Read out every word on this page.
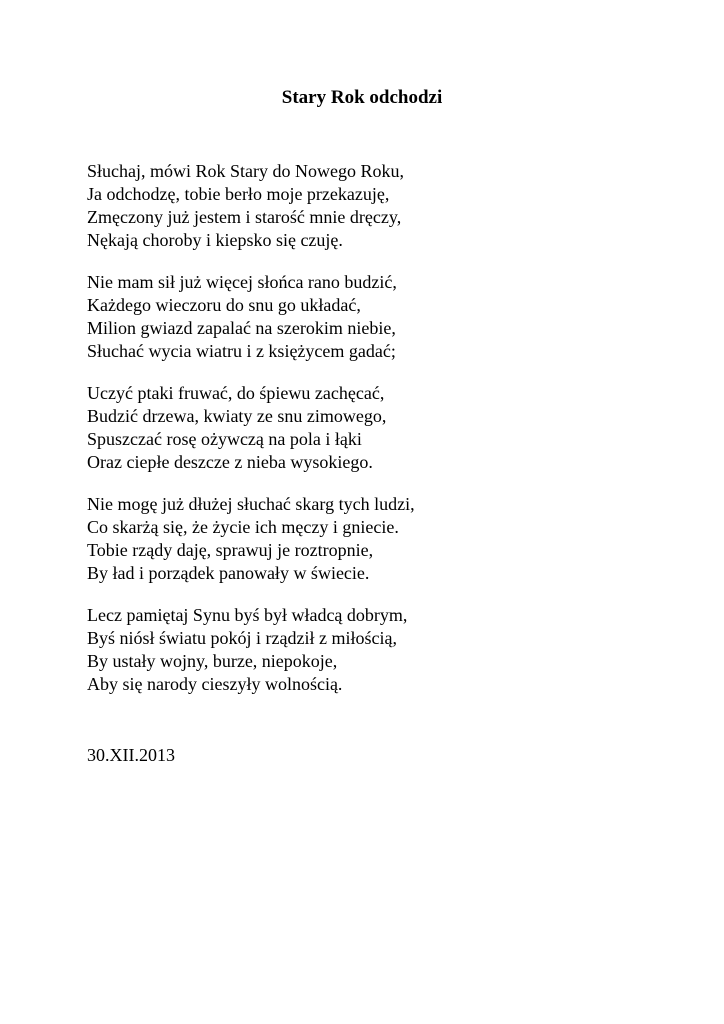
Stary Rok odchodzi
Słuchaj, mówi Rok Stary do Nowego Roku,
Ja odchodzę, tobie berło moje przekazuję,
Zmęczony już jestem i starość mnie dręczy,
Nękają choroby i kiepsko się czuję.
Nie mam sił już więcej słońca rano budzić,
Każdego wieczoru do snu go układać,
Milion gwiazd zapalać na szerokim niebie,
Słuchać wycia wiatru i z księżycem gadać;
Uczyć ptaki fruwać, do śpiewu zachęcać,
Budzić drzewa, kwiaty ze snu zimowego,
Spuszczać rosę ożywczą na pola i łąki
Oraz ciepłe deszcze z nieba wysokiego.
Nie mogę już dłużej słuchać skarg tych ludzi,
Co skarżą się, że życie ich męczy i gniecie.
Tobie rządy daję, sprawuj je roztropnie,
By ład i porządek panowały w świecie.
Lecz pamiętaj Synu byś był władcą dobrym,
Byś niósł światu pokój i rządził z miłością,
By ustały wojny, burze, niepokoje,
Aby się narody cieszyły wolnością.
30.XII.2013
